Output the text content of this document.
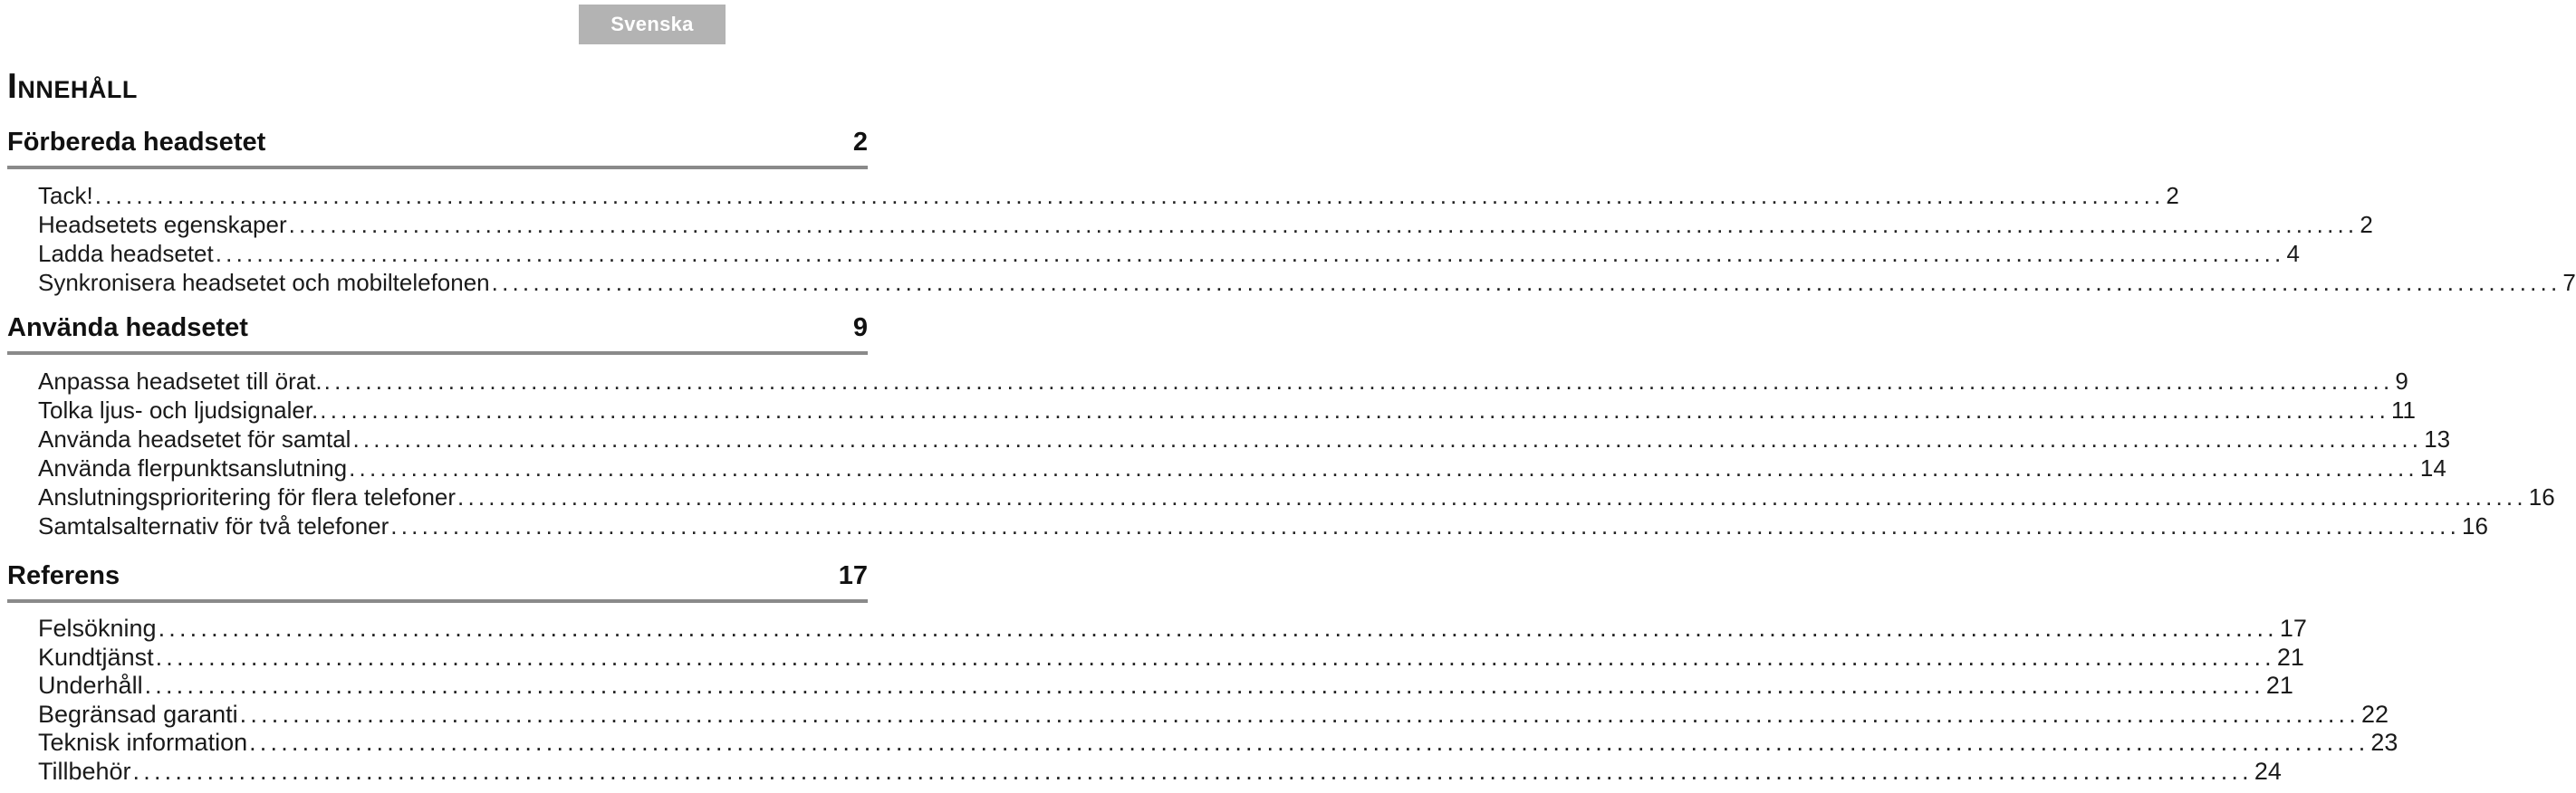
Svenska
Innehåll
Förbereda headsetet	2
Tack! ........................................................................................................................................................................................................ 2
Headsetets egenskaper ........................................................................................................................................................................................................ 2
Ladda headsetet ........................................................................................................................................................................................................ 4
Synkronisera headsetet och mobiltelefonen ........................................................................................................................................................................................................ 7
Använda headsetet	9
Anpassa headsetet till örat. ........................................................................................................................................................................................................ 9
Tolka ljus- och ljudsignaler. ........................................................................................................................................................................................................ 11
Använda headsetet för samtal ........................................................................................................................................................................................................ 13
Använda flerpunktsanslutning ........................................................................................................................................................................................................ 14
Anslutningsprioritering för flera telefoner ........................................................................................................................................................................................................ 16
Samtalsalternativ för två telefoner ........................................................................................................................................................................................................ 16
Referens	17
Felsökning ........................................................................................................................................................................................................ 17
Kundtjänst ........................................................................................................................................................................................................ 21
Underhåll ........................................................................................................................................................................................................ 21
Begränsad garanti ........................................................................................................................................................................................................ 22
Teknisk information ........................................................................................................................................................................................................ 23
Tillbehör ........................................................................................................................................................................................................ 24
